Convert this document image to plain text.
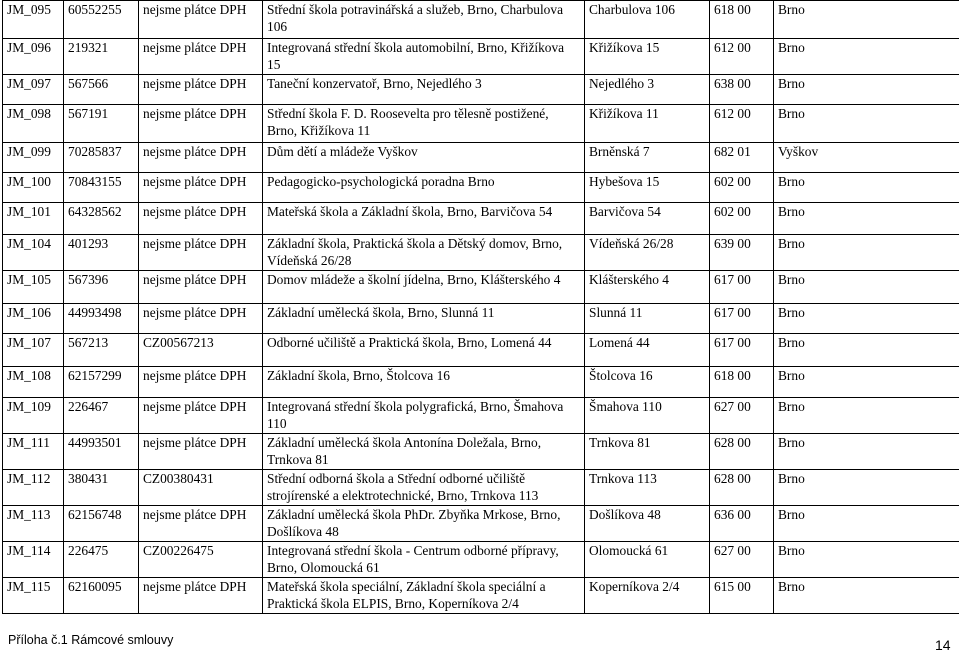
JM_095	60552255	nejsme plátce DPH	Střední škola potravinářská a služeb, Brno, Charbulova 106	Charbulova 106	618 00	Brno
JM_096	219321	nejsme plátce DPH	Integrovaná střední škola automobilní, Brno, Křižíkova 15	Křižíkova 15	612 00	Brno
JM_097	567566	nejsme plátce DPH	Taneční konzervatoř, Brno, Nejedlého 3	Nejedlého 3	638 00	Brno
JM_098	567191	nejsme plátce DPH	Střední škola F. D. Roosevelta pro tělesně postižené, Brno, Křižíkova 11	Křižíkova 11	612 00	Brno
JM_099	70285837	nejsme plátce DPH	Dům dětí a mládeže Vyškov	Brněnská 7	682 01	Vyškov
JM_100	70843155	nejsme plátce DPH	Pedagogicko-psychologická poradna Brno	Hybešova 15	602 00	Brno
JM_101	64328562	nejsme plátce DPH	Mateřská škola a Základní škola, Brno, Barvičova 54	Barvičova 54	602 00	Brno
JM_104	401293	nejsme plátce DPH	Základní škola, Praktická škola a Dětský domov, Brno, Vídeňská 26/28	Vídeňská 26/28	639 00	Brno
JM_105	567396	nejsme plátce DPH	Domov mládeže a školní jídelna, Brno, Klášterského 4	Klášterského 4	617 00	Brno
JM_106	44993498	nejsme plátce DPH	Základní umělecká škola, Brno, Slunná 11	Slunná 11	617 00	Brno
JM_107	567213	CZ00567213	Odborné učiliště a Praktická škola, Brno, Lomená 44	Lomená 44	617 00	Brno
JM_108	62157299	nejsme plátce DPH	Základní škola, Brno, Štolcova 16	Štolcova 16	618 00	Brno
JM_109	226467	nejsme plátce DPH	Integrovaná střední škola polygrafická, Brno, Šmahova 110	Šmahova 110	627 00	Brno
JM_111	44993501	nejsme plátce DPH	Základní umělecká škola Antonína Doležala, Brno, Trnkova 81	Trnkova 81	628 00	Brno
JM_112	380431	CZ00380431	Střední odborná škola a Střední odborné učiliště strojírenské a elektrotechnické, Brno, Trnkova 113	Trnkova 113	628 00	Brno
JM_113	62156748	nejsme plátce DPH	Základní umělecká škola PhDr. Zbyňka Mrkose, Brno, Došlíkova 48	Došlíkova 48	636 00	Brno
JM_114	226475	CZ00226475	Integrovaná střední škola - Centrum odborné přípravy, Brno, Olomoucká 61	Olomoucká 61	627 00	Brno
JM_115	62160095	nejsme plátce DPH	Mateřská škola speciální, Základní škola speciální a Praktická škola ELPIS, Brno, Koperníkova 2/4	Koperníkova 2/4	615 00	Brno
Příloha č.1 Rámcové smlouvy	14
